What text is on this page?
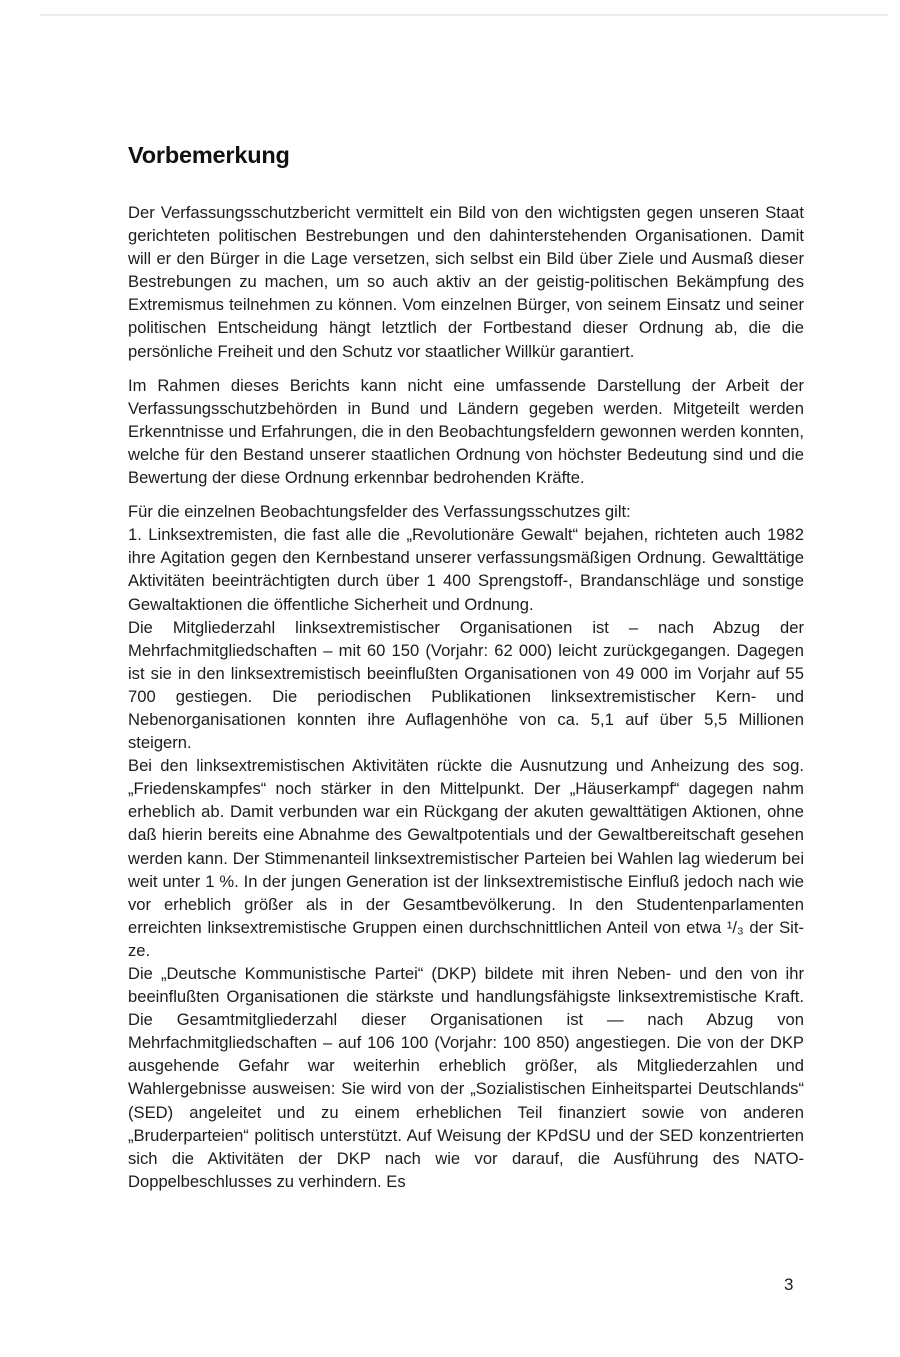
Vorbemerkung

Der Verfassungsschutzbericht vermittelt ein Bild von den wichtigsten gegen unseren Staat gerichteten politischen Bestrebungen und den dahinterstehenden Organisationen. Damit will er den Bürger in die Lage versetzen, sich selbst ein Bild über Ziele und Ausmaß dieser Bestrebungen zu machen, um so auch aktiv an der geistig-politischen Bekämpfung des Extremismus teilnehmen zu können. Vom einzelnen Bürger, von seinem Einsatz und seiner politischen Entscheidung hängt letztlich der Fortbestand dieser Ordnung ab, die die persönliche Freiheit und den Schutz vor staatlicher Willkür garantiert.

Im Rahmen dieses Berichts kann nicht eine umfassende Darstellung der Arbeit der Verfassungsschutzbehörden in Bund und Ländern gegeben werden. Mitgeteilt werden Erkenntnisse und Erfahrungen, die in den Beobachtungsfeldern gewonnen werden konnten, welche für den Bestand unserer staatlichen Ordnung von höchster Bedeutung sind und die Bewertung der diese Ordnung erkennbar bedrohenden Kräfte.

Für die einzelnen Beobachtungsfelder des Verfassungsschutzes gilt:

1. Linksextremisten, die fast alle die „Revolutionäre Gewalt“ bejahen, richteten auch 1982 ihre Agitation gegen den Kernbestand unserer verfassungsmäßigen Ordnung. Gewalttätige Aktivitäten beeinträchtigten durch über 1 400 Sprengstoff-, Brandanschläge und sonstige Gewaltaktionen die öffentliche Sicherheit und Ordnung.

Die Mitgliederzahl linksextremistischer Organisationen ist – nach Abzug der Mehrfachmitgliedschaften – mit 60 150 (Vorjahr: 62 000) leicht zurückgegangen. Dagegen ist sie in den linksextremistisch beeinflußten Organisationen von 49 000 im Vorjahr auf 55 700 gestiegen. Die periodischen Publikationen linksextremistischer Kern- und Nebenorganisationen konnten ihre Auflagenhöhe von ca. 5,1 auf über 5,5 Millionen steigern.

Bei den linksextremistischen Aktivitäten rückte die Ausnutzung und Anheizung des sog. „Friedenskampfes“ noch stärker in den Mittelpunkt. Der „Häuserkampf“ dagegen nahm erheblich ab. Damit verbunden war ein Rückgang der akuten gewalttätigen Aktionen, ohne daß hierin bereits eine Abnahme des Gewaltpotentials und der Gewaltbereitschaft gesehen werden kann. Der Stimmenanteil linksextremistischer Parteien bei Wahlen lag wiederum bei weit unter 1 %. In der jungen Generation ist der linksextremistische Einfluß jedoch nach wie vor erheblich größer als in der Gesamtbevölkerung. In den Studentenparlamenten erreichten linksextremistische Gruppen einen durchschnittlichen Anteil von etwa ¹/₃ der Sitze.

Die „Deutsche Kommunistische Partei“ (DKP) bildete mit ihren Neben- und den von ihr beeinflußten Organisationen die stärkste und handlungsfähigste linksextremistische Kraft. Die Gesamtmitgliederzahl dieser Organisationen ist — nach Abzug von Mehrfachmitgliedschaften – auf 106 100 (Vorjahr: 100 850) angestiegen. Die von der DKP ausgehende Gefahr war weiterhin erheblich größer, als Mitgliederzahlen und Wahlergebnisse ausweisen: Sie wird von der „Sozialistischen Einheitspartei Deutschlands“ (SED) angeleitet und zu einem erheblichen Teil finanziert sowie von anderen „Bruderparteien“ politisch unterstützt. Auf Weisung der KPdSU und der SED konzentrierten sich die Aktivitäten der DKP nach wie vor darauf, die Ausführung des NATO-Doppelbeschlusses zu verhindern. Es

3
